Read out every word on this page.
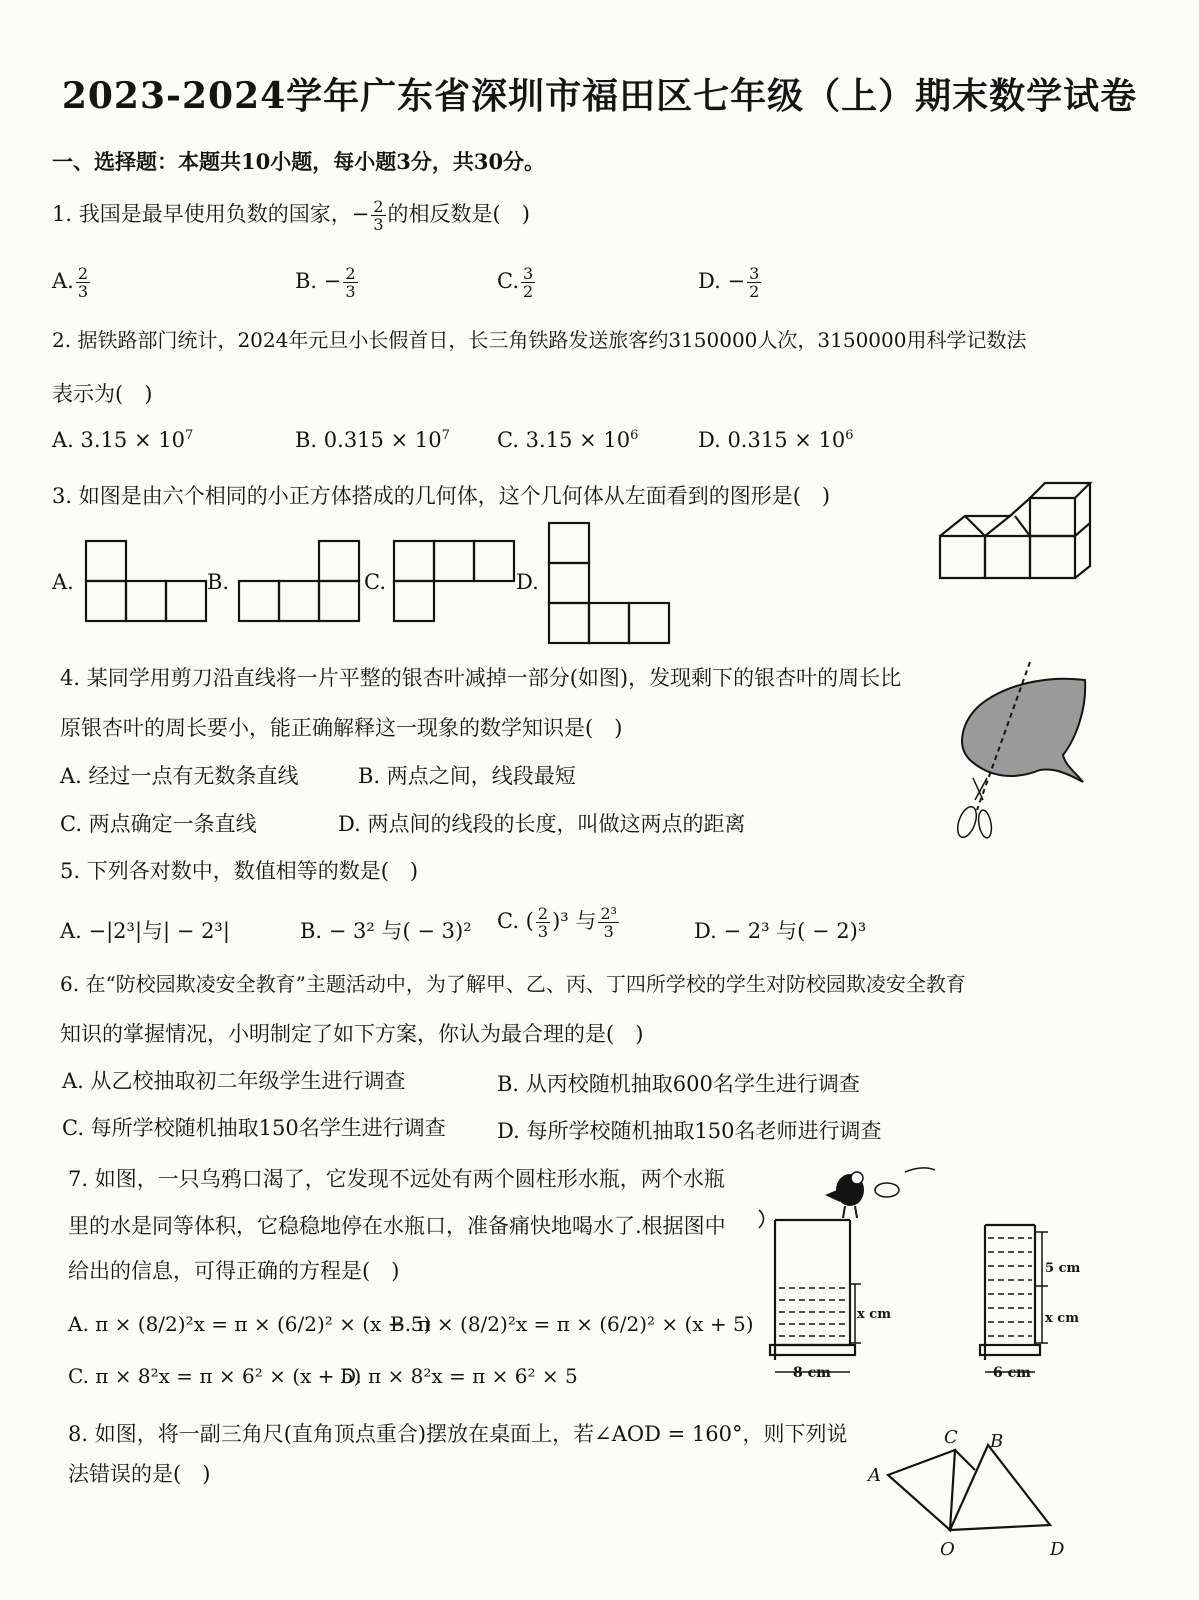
2023-2024学年广东省深圳市福田区七年级（上）期末数学试卷
一、选择题：本题共10小题，每小题3分，共30分。
1. 我国是最早使用负数的国家，− $\frac{2}{3}$ 的相反数是(　)
A. $\frac{2}{3}$	B. − $\frac{2}{3}$	C. $\frac{3}{2}$	D. − $\frac{3}{2}$
2. 据铁路部门统计，2024年元旦小长假首日，长三角铁路发送旅客约3150000人次，3150000用科学记数法
表示为(　)
A. $3.15 \times 10^7$	B. $0.315 \times 10^7$ C. $3.15 \times 10^6$	D. $0.315 \times 10^6$
3. 如图是由六个相同的小正方体搭成的几何体，这个几何体从左面看到的图形是(　)
A.	B.	C.	D.
4. 某同学用剪刀沿直线将一片平整的银杏叶减掉一部分(如图)，发现剩下的银杏叶的周长比
原银杏叶的周长要小，能正确解释这一现象的数学知识是(　)
A. 经过一点有无数条直线	B. 两点之间，线段最短
C. 两点确定一条直线	D. 两点间的线段的长度，叫做这两点的距离
5. 下列各对数中，数值相等的数是(　)
A. −|2³|与| − 2³|	B. − 3² 与( − 3)² C. ( $\frac{2}{3} )^3$ 与 $\frac{\text{2³}}{3}$	D. − 2³ 与( − 2)³
6. 在“防校园欺凌安全教育”主题活动中，为了解甲、乙、丙、丁四所学校的学生对防校园欺凌安全教育
知识的掌握情况，小明制定了如下方案，你认为最合理的是(　)
A. 从乙校抽取初二年级学生进行调查	B. 从丙校随机抽取600名学生进行调查
C. 每所学校随机抽取150名学生进行调查 D. 每所学校随机抽取150名老师进行调查
7. 如图，一只乌鸦口渴了，它发现不远处有两个圆柱形水瓶，两个水瓶
里的水是同等体积，它稳稳地停在水瓶口，准备痛快地喝水了.根据图中
给出的信息，可得正确的方程是(　)
A. π × (8/2)²x = π × (6/2)² × (x − 5)
B. π × (8/2)²x = π × (6/2)² × (x + 5)
C. π × 8²x = π × 6² × (x + 5)
D. π × 8²x = π × 6² × 5
x cm
8 cm
5 cm
x cm
6 cm
8. 如图，将一副三角尺(直角顶点重合)摆放在桌面上，若∠AOD = 160°，则下列说
法错误的是(　)	A
C B
O	D
